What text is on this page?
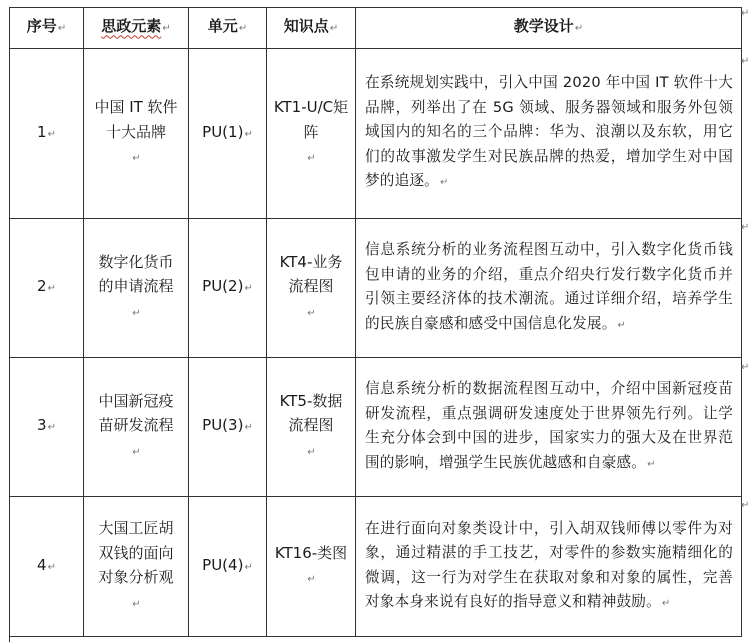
序号↵	思政元素↵	单元↵	知识点↵	教学设计↵
1↵	中国 IT 软件十大品牌↵	PU(1)↵	KT1-U/C矩阵↵	在系统规划实践中，引入中国 2020 年中国 IT 软件十大品牌，列举出了在 5G 领域、服务器领域和服务外包领域国内的知名的三个品牌：华为、浪潮以及东软，用它们的故事激发学生对民族品牌的热爱，增加学生对中国梦的追逐。↵
2↵	数字化货币的申请流程↵	PU(2)↵	KT4-业务流程图↵	信息系统分析的业务流程图互动中，引入数字化货币钱包申请的业务的介绍，重点介绍央行发行数字化货币并引领主要经济体的技术潮流。通过详细介绍，培养学生的民族自豪感和感受中国信息化发展。↵
3↵	中国新冠疫苗研发流程↵	PU(3)↵	KT5-数据流程图↵	信息系统分析的数据流程图互动中，介绍中国新冠疫苗研发流程，重点强调研发速度处于世界领先行列。让学生充分体会到中国的进步，国家实力的强大及在世界范围的影响，增强学生民族优越感和自豪感。↵
4↵	大国工匠胡双钱的面向对象分析观↵	PU(4)↵	KT16-类图↵	在进行面向对象类设计中，引入胡双钱师傅以零件为对象，通过精湛的手工技艺，对零件的参数实施精细化的微调，这一行为对学生在获取对象和对象的属性，完善对象本身来说有良好的指导意义和精神鼓励。↵
↵
↵
↵
↵
↵
